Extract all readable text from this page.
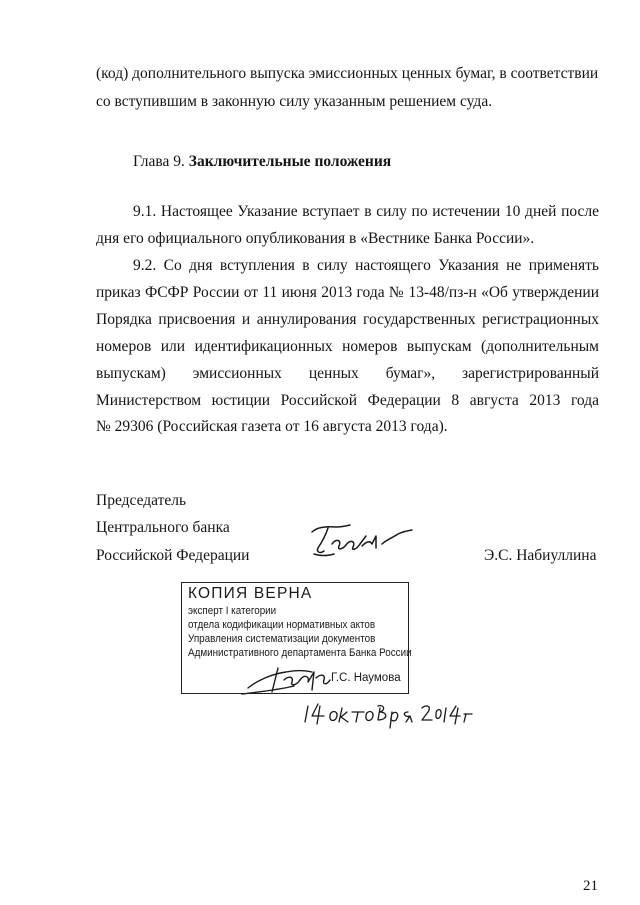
(код) дополнительного выпуска эмиссионных ценных бумаг, в соответствии
со вступившим в законную силу указанным решением суда.
Глава 9. Заключительные положения
9.1. Настоящее Указание вступает в силу по истечении 10 дней после
дня его официального опубликования в «Вестнике Банка России».
9.2. Со дня вступления в силу настоящего Указания не применять
приказ ФСФР России от 11 июня 2013 года № 13-48/пз-н «Об утверждении
Порядка присвоения и аннулирования государственных регистрационных
номеров или идентификационных номеров выпускам (дополнительным
выпускам) эмиссионных ценных бумаг», зарегистрированный
Министерством юстиции Российской Федерации 8 августа 2013 года
№ 29306 (Российская газета от 16 августа 2013 года).
Председатель
Центрального банка
Российской Федерации	Э.С. Набиуллина
КОПИЯ ВЕРНА
эксперт I категории
отдела кодификации нормативных актов
Управления систематизации документов
Административного департамента Банка России
Г.С. Наумова
21
